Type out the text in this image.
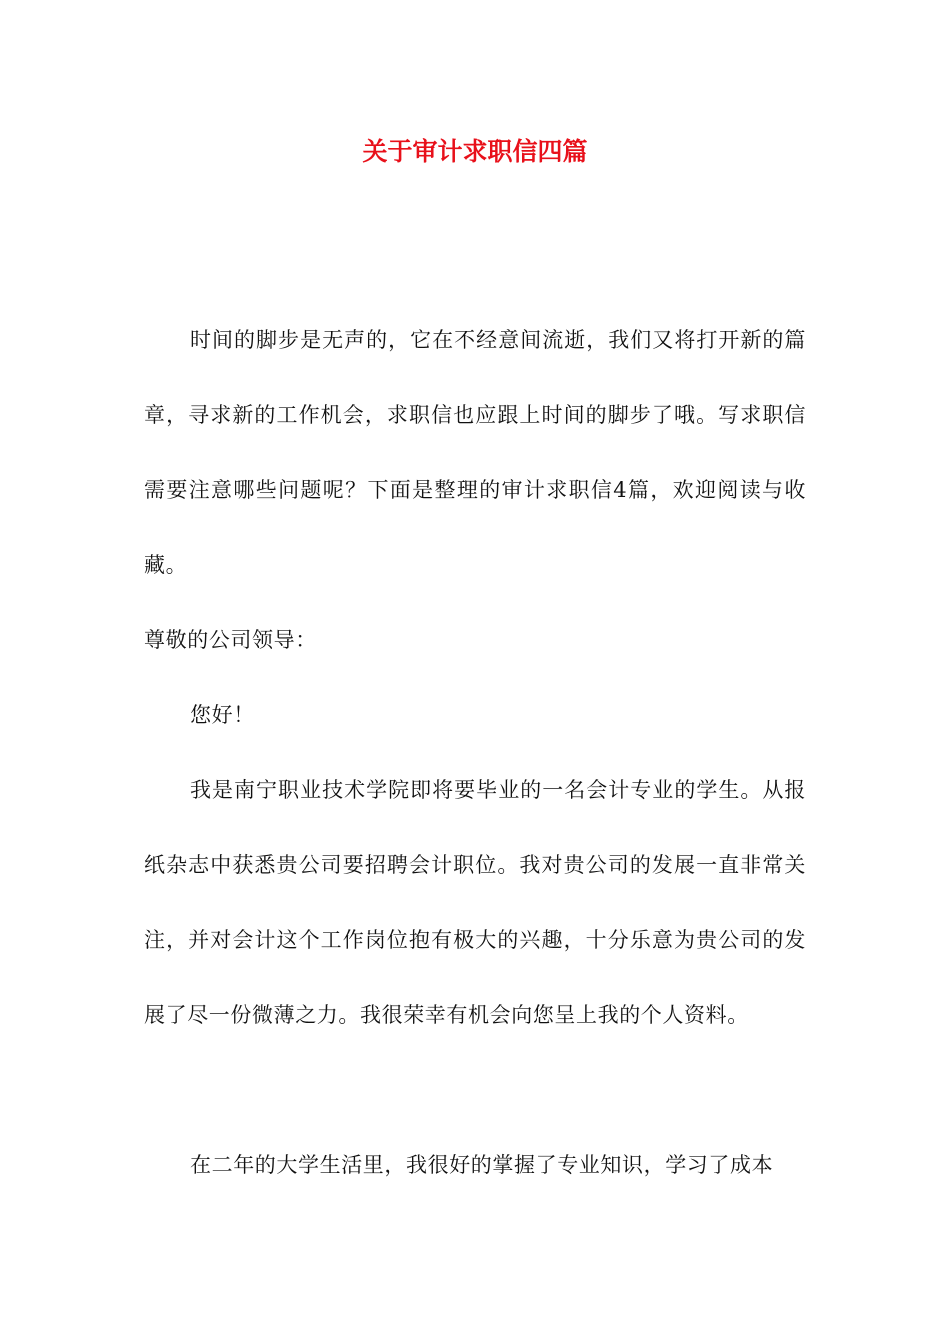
关于审计求职信四篇

时间的脚步是无声的，它在不经意间流逝，我们又将打开新的篇章，寻求新的工作机会，求职信也应跟上时间的脚步了哦。写求职信需要注意哪些问题呢？下面是整理的审计求职信4篇，欢迎阅读与收藏。

尊敬的公司领导：

您好！

我是南宁职业技术学院即将要毕业的一名会计专业的学生。从报纸杂志中获悉贵公司要招聘会计职位。我对贵公司的发展一直非常关注，并对会计这个工作岗位抱有极大的兴趣，十分乐意为贵公司的发展了尽一份微薄之力。我很荣幸有机会向您呈上我的个人资料。

在二年的大学生活里，我很好的掌握了专业知识，学习了成本
